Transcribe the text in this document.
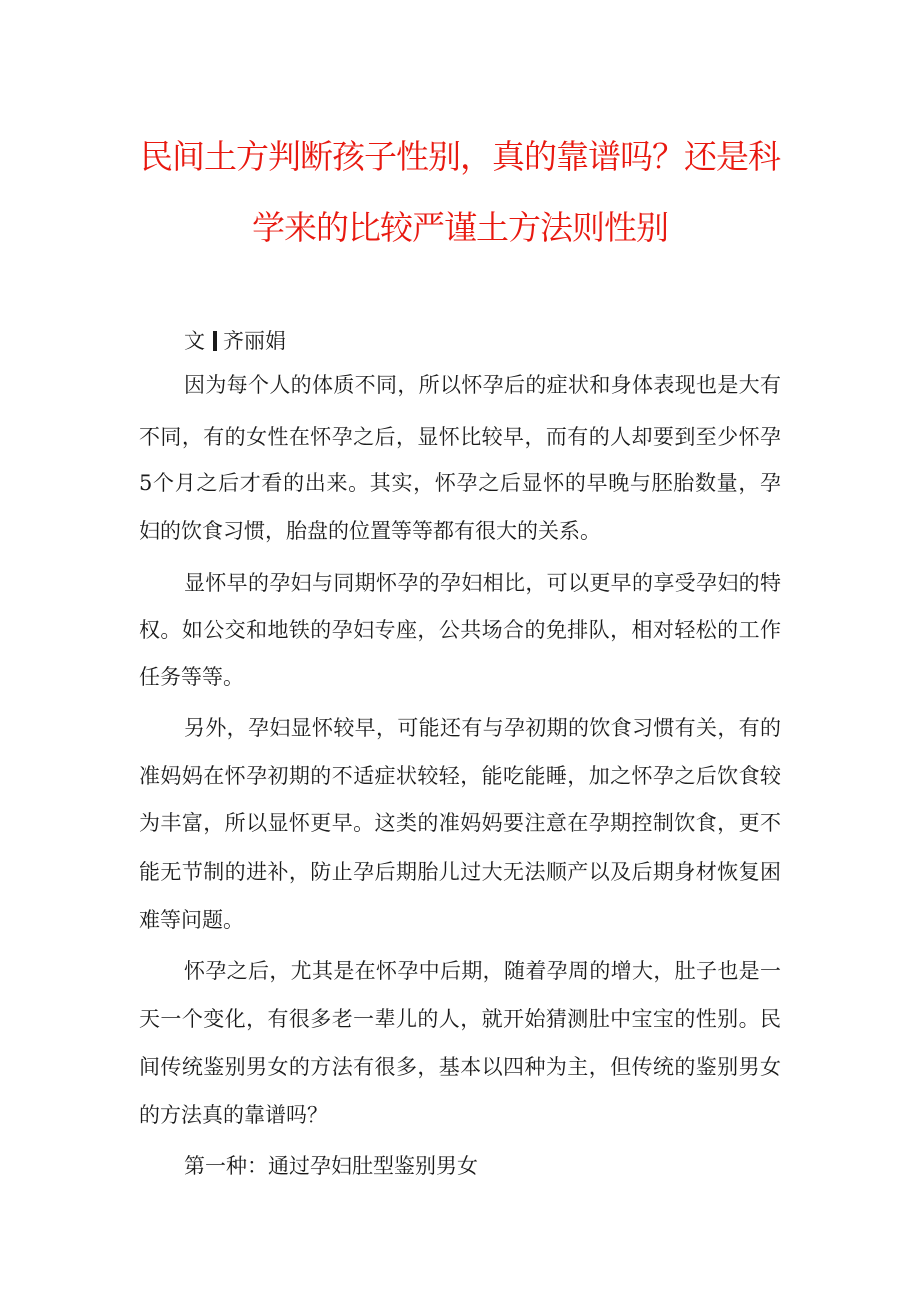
民间土方判断孩子性别，真的靠谱吗？还是科
学来的比较严谨土方法则性别
文 齐丽娟
因为每个人的体质不同，所以怀孕后的症状和身体表现也是大有
不同，有的女性在怀孕之后，显怀比较早，而有的人却要到至少怀孕
5个月之后才看的出来。其实，怀孕之后显怀的早晚与胚胎数量，孕
妇的饮食习惯，胎盘的位置等等都有很大的关系。
显怀早的孕妇与同期怀孕的孕妇相比，可以更早的享受孕妇的特
权。如公交和地铁的孕妇专座，公共场合的免排队，相对轻松的工作
任务等等。
另外，孕妇显怀较早，可能还有与孕初期的饮食习惯有关，有的
准妈妈在怀孕初期的不适症状较轻，能吃能睡，加之怀孕之后饮食较
为丰富，所以显怀更早。这类的准妈妈要注意在孕期控制饮食，更不
能无节制的进补，防止孕后期胎儿过大无法顺产以及后期身材恢复困
难等问题。
怀孕之后，尤其是在怀孕中后期，随着孕周的增大，肚子也是一
天一个变化，有很多老一辈儿的人，就开始猜测肚中宝宝的性别。民
间传统鉴别男女的方法有很多，基本以四种为主，但传统的鉴别男女
的方法真的靠谱吗？
第一种：通过孕妇肚型鉴别男女
